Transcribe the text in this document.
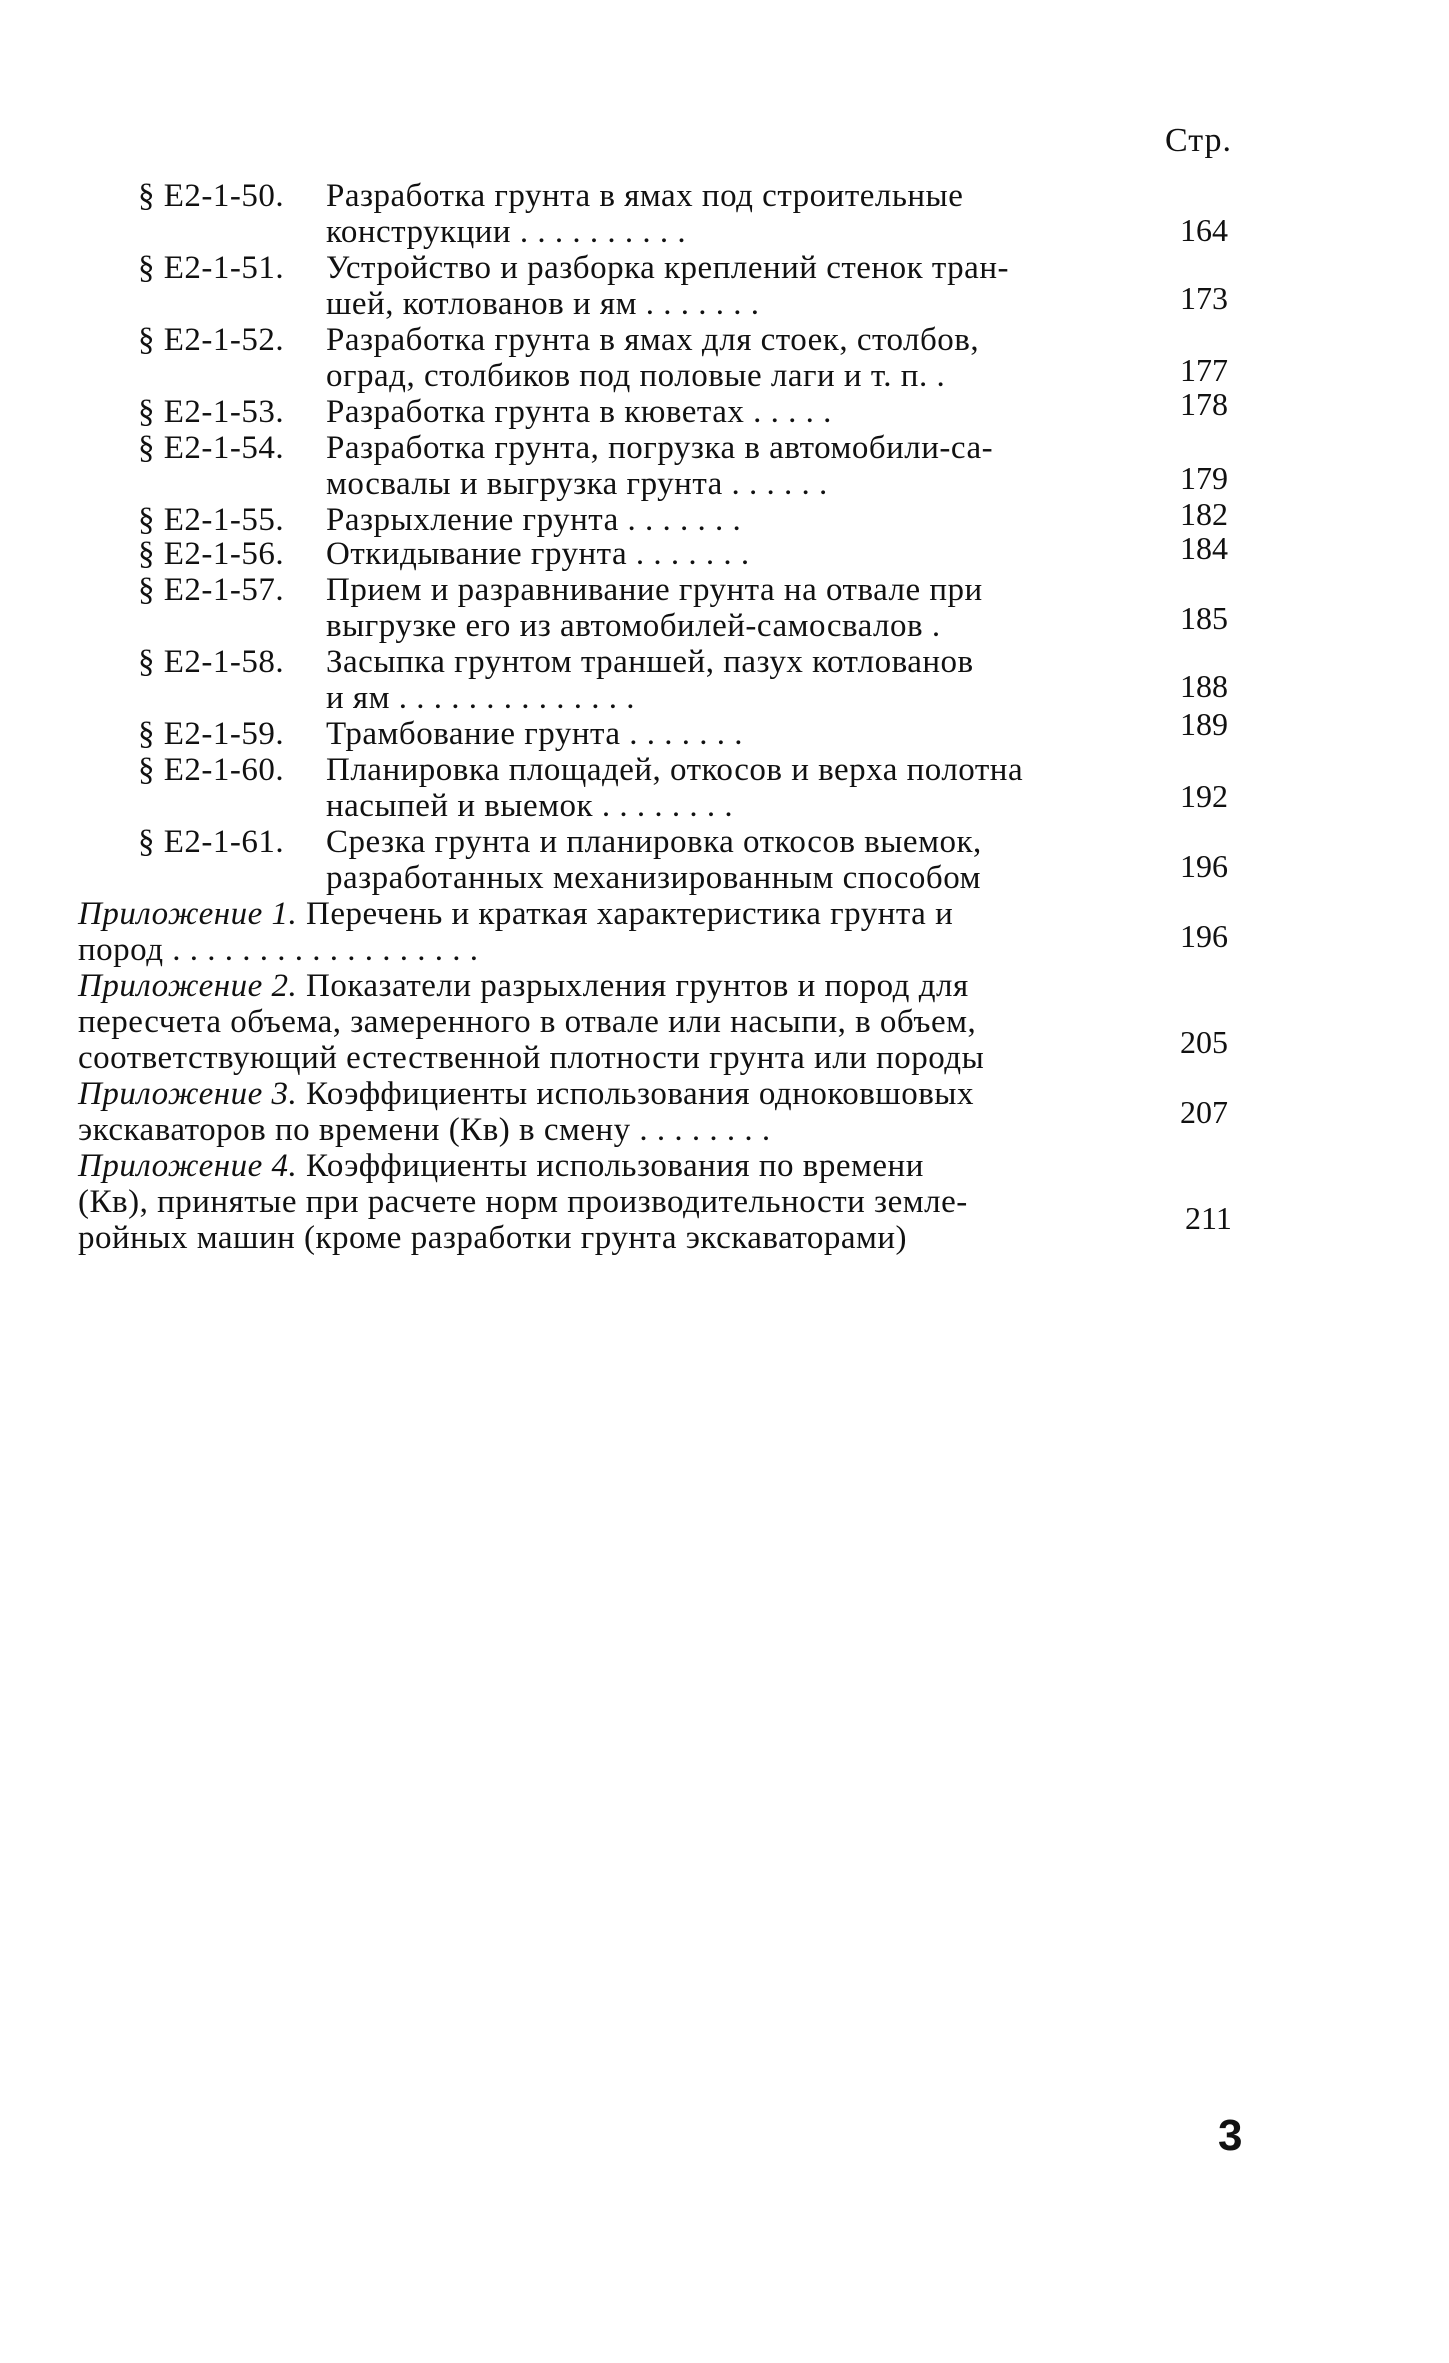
Стр.
§ Е2-1-50. Разработка грунта в ямах под строительные
конструкции . . . . . . . . . .	164
§ Е2-1-51. Устройство и разборка креплений стенок тран-
шей, котлованов и ям . . . . . . .	173
§ Е2-1-52. Разработка грунта в ямах для стоек, столбов,
оград, столбиков под половые лаги и т. п. .	177
§ Е2-1-53. Разработка грунта в кюветах . . . . .	178
§ Е2-1-54. Разработка грунта, погрузка в автомобили-са-
мосвалы и выгрузка грунта . . . . . .	179
§ Е2-1-55. Разрыхление грунта . . . . . . .	182
§ Е2-1-56. Откидывание грунта . . . . . . .	184
§ Е2-1-57. Прием и разравнивание грунта на отвале при
выгрузке его из автомобилей-самосвалов .	185
§ Е2-1-58. Засыпка грунтом траншей, пазух котлованов
и ям . . . . . . . . . . . . . .	188
§ Е2-1-59. Трамбование грунта . . . . . . .	189
§ Е2-1-60. Планировка площадей, откосов и верха полотна
насыпей и выемок . . . . . . . .	192
§ Е2-1-61. Срезка грунта и планировка откосов выемок,
разработанных механизированным способом	196
Приложение 1. Перечень и краткая характеристика грунта и
пород . . . . . . . . . . . . . . . . . .	196
Приложение 2. Показатели разрыхления грунтов и пород для
пересчета объема, замеренного в отвале или насыпи, в объем,
соответствующий естественной плотности грунта или породы	205
Приложение 3. Коэффициенты использования одноковшовых
экскаваторов по времени (Кв) в смену . . . . . . . .	207
Приложение 4. Коэффициенты использования по времени
(Кв), принятые при расчете норм производительности земле-
ройных машин (кроме разработки грунта экскаваторами)
211
3
